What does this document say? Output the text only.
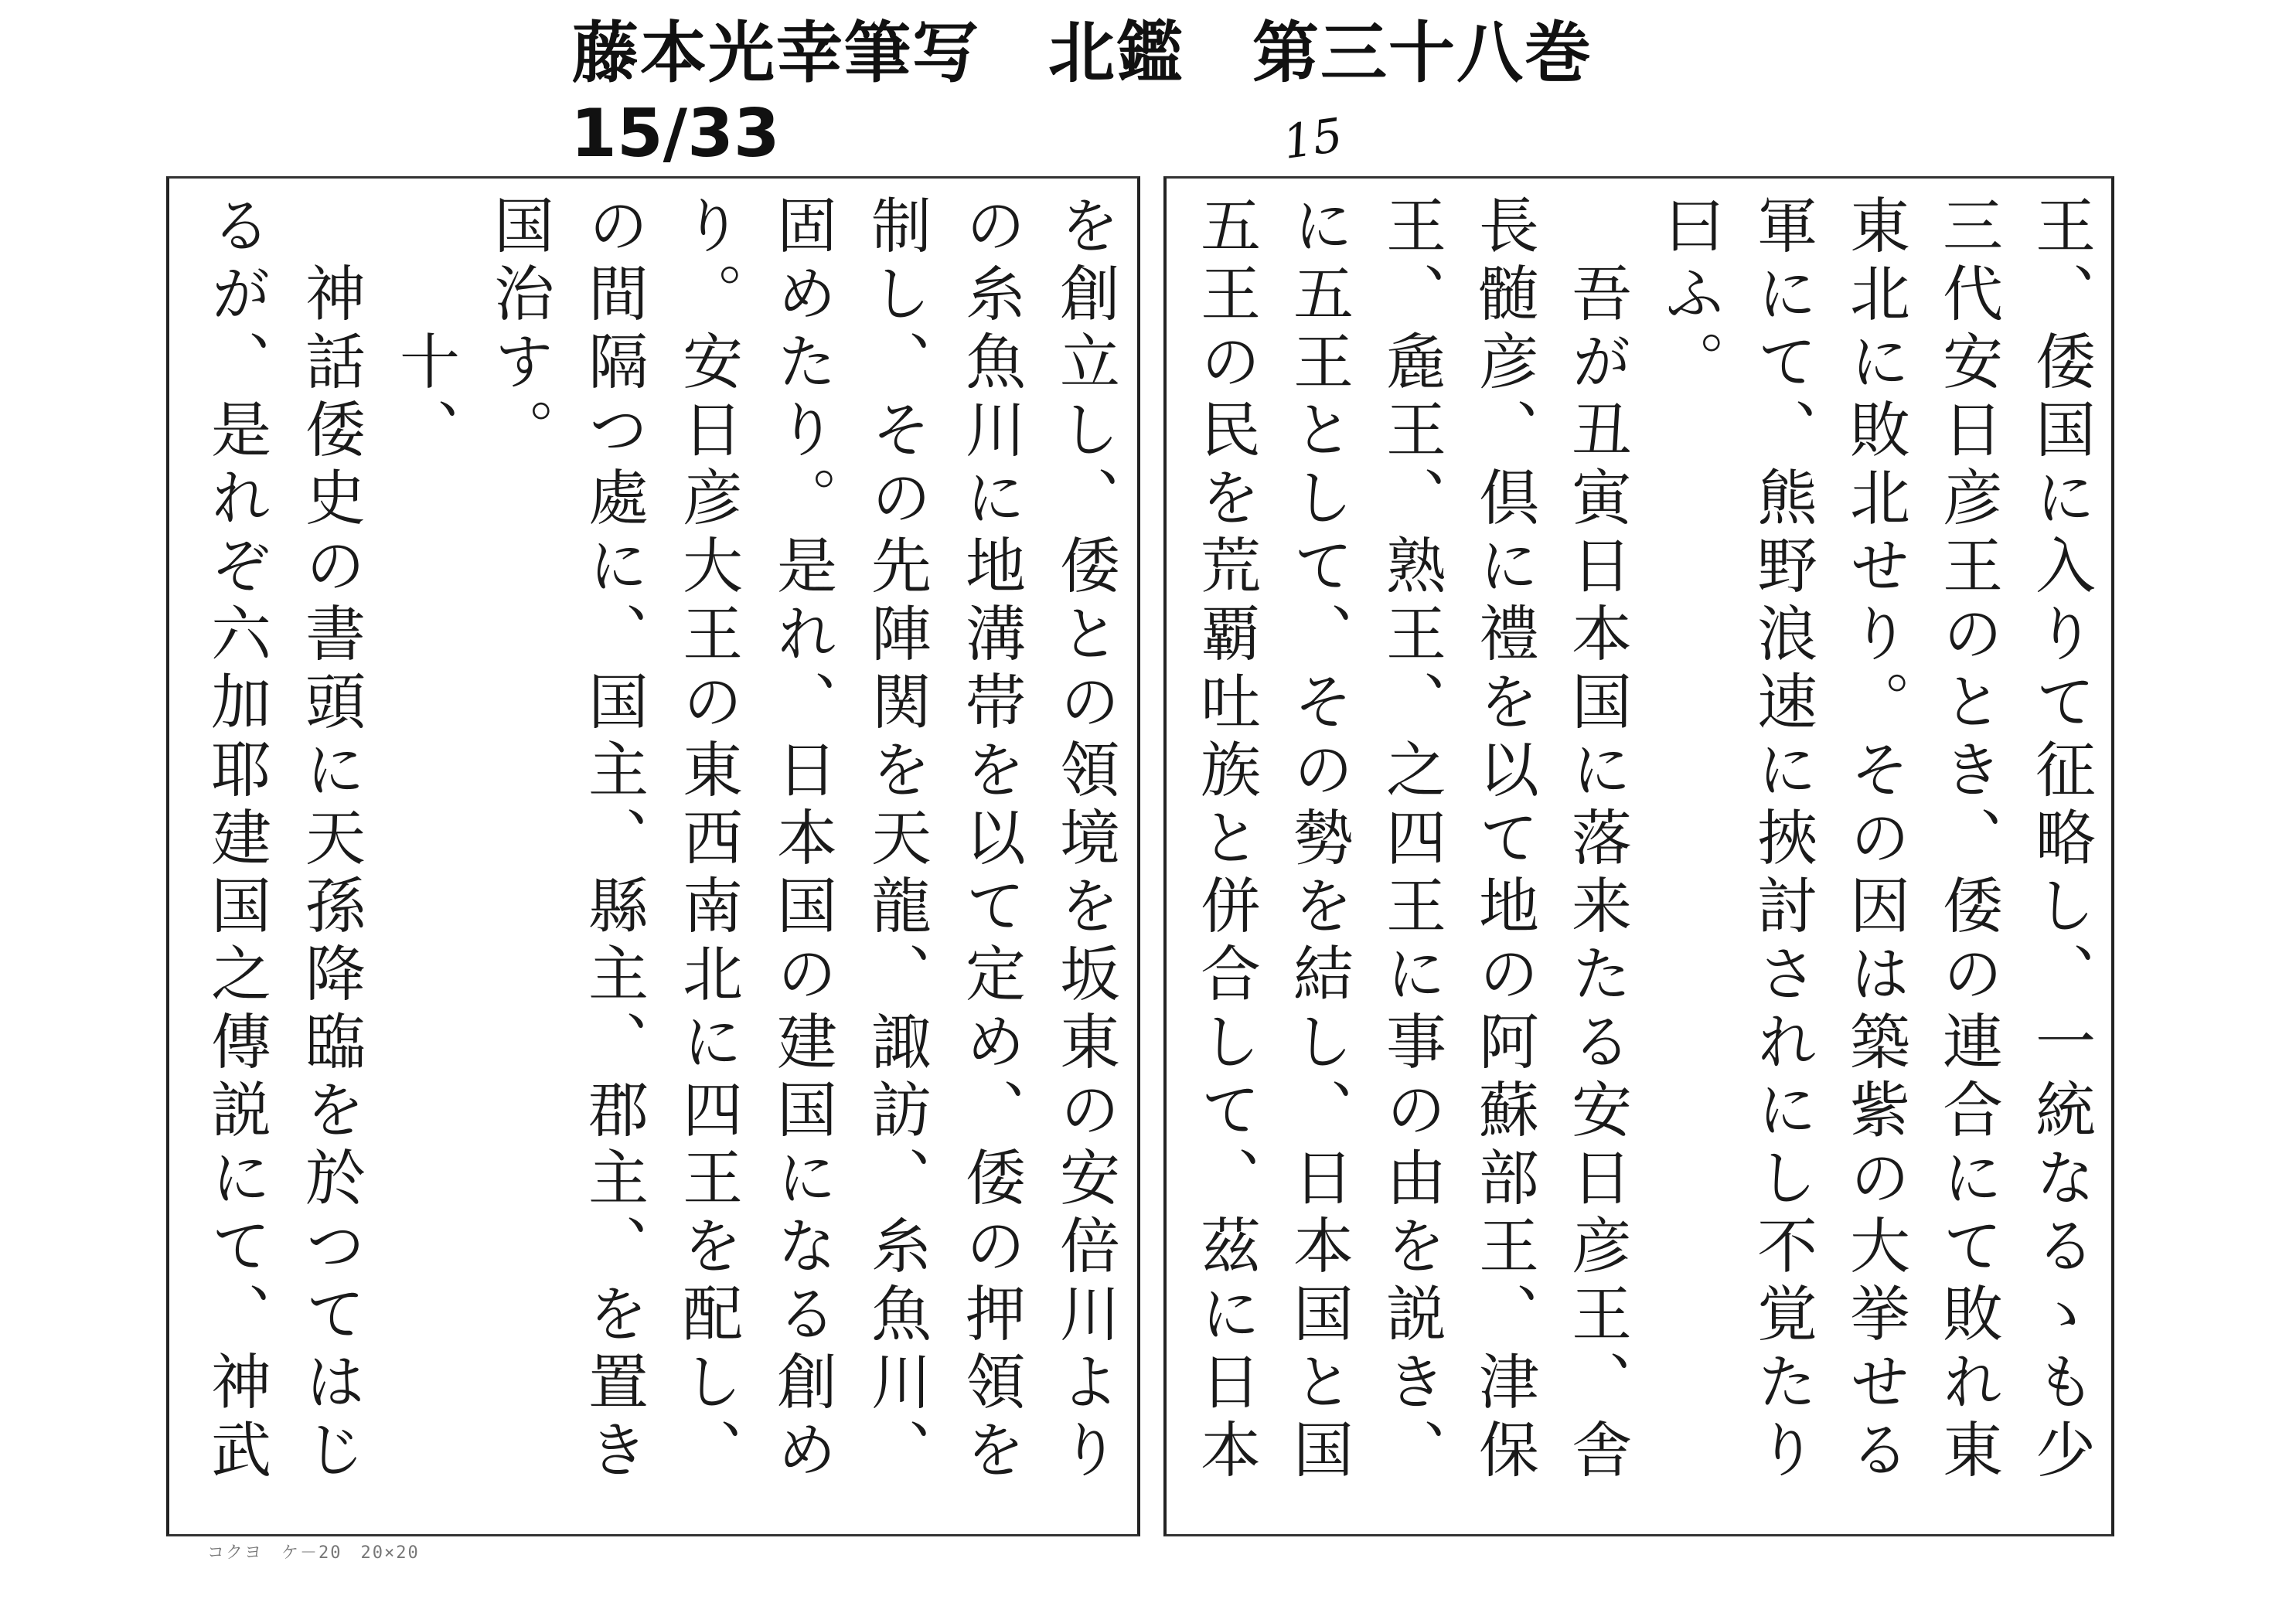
藤本光幸筆写　北鑑　第三十八巻
15/33	15
王、倭国に入りて征略し、一統なるゝも少
三代安日彦王のとき、倭の連合にて敗れ東
東北に敗北せり。その因は築紫の大挙せる
軍にて、熊野浪速に挾討されにし不覚たり
曰ふ。
吾が丑寅日本国に落来たる安日彦王、舎
長髄彦、倶に禮を以て地の阿蘇部王、津保
王、麁王、熟王、之四王に事の由を説き、
に五王として、その勢を結し、日本国と国
五王の民を荒覇吐族と併合して、茲に日本
を創立し、倭との領境を坂東の安倍川より
の糸魚川に地溝帯を以て定め、倭の押領を
制し、その先陣関を天龍、諏訪、糸魚川、
固めたり。是れ、日本国の建国になる創め
り。安日彦大王の東西南北に四王を配し、
の間隔つ處に、国主、縣主、郡主、を置き
国治す。
十、
神話倭史の書頭に天孫降臨を於つてはじ
るが、是れぞ六加耶建国之傳説にて、神武
コクヨ　ケ－20　20×20
